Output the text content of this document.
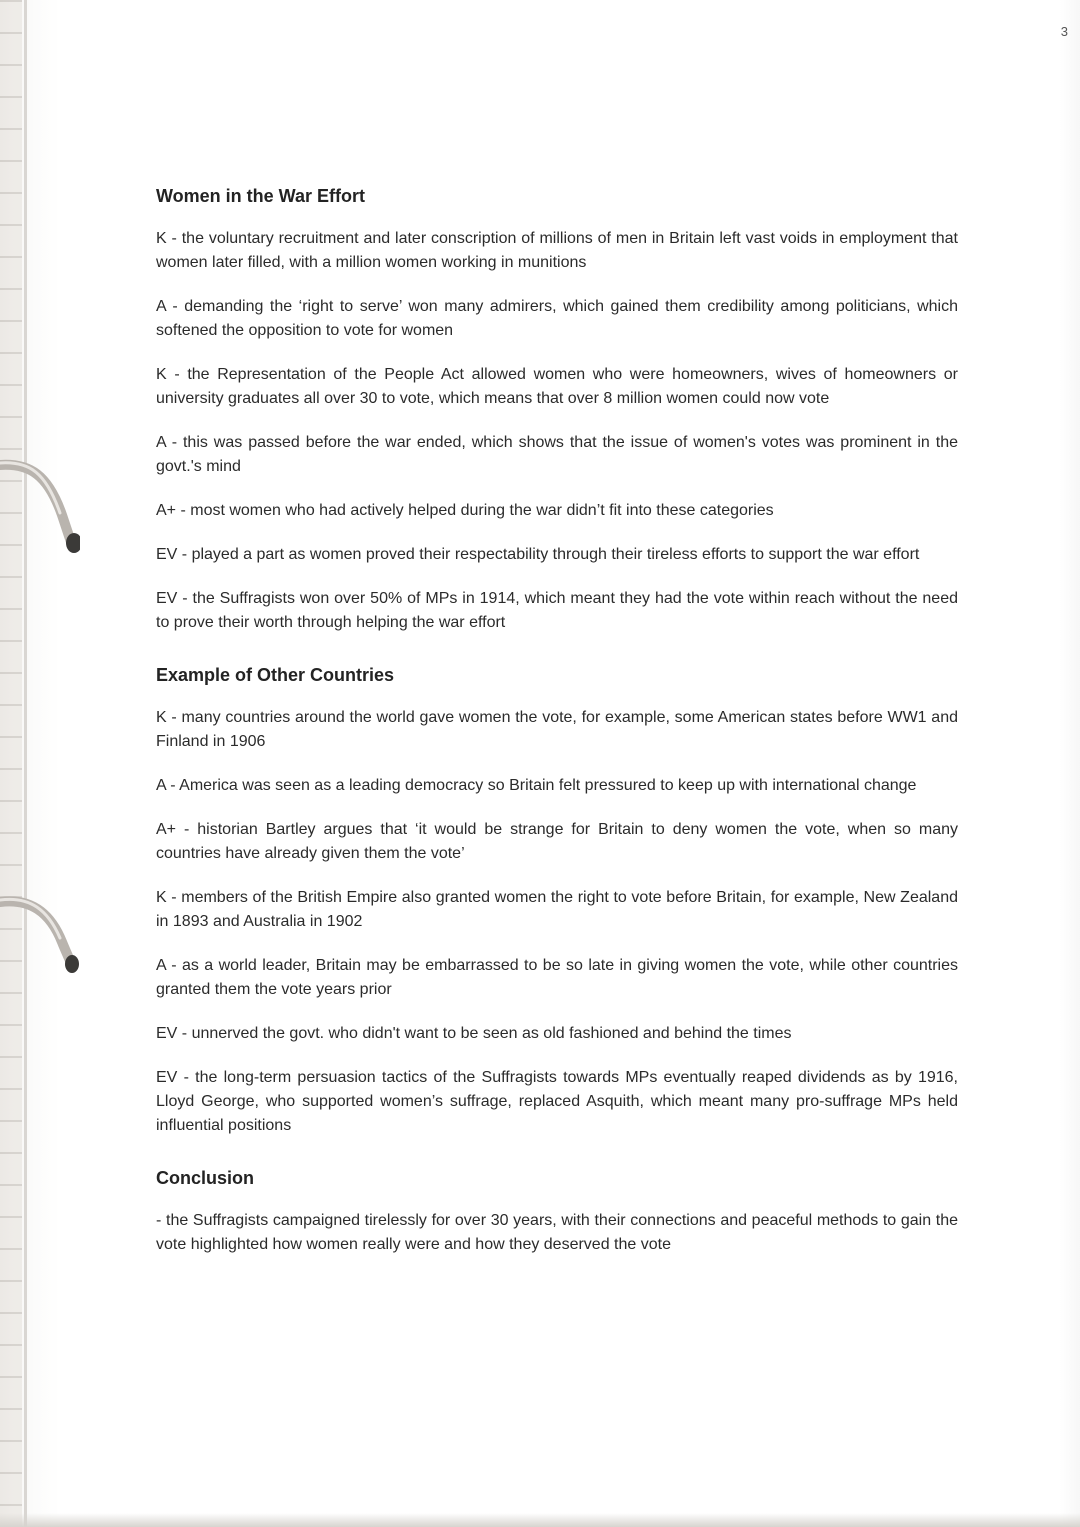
3
Women in the War Effort

K - the voluntary recruitment and later conscription of millions of men in Britain left vast voids in employment that women later filled, with a million women working in munitions

A - demanding the ‘right to serve’ won many admirers, which gained them credibility among politicians, which softened the opposition to vote for women

K - the Representation of the People Act allowed women who were homeowners, wives of homeowners or university graduates all over 30 to vote, which means that over 8 million women could now vote

A - this was passed before the war ended, which shows that the issue of women's votes was prominent in the govt.'s mind

A+ - most women who had actively helped during the war didn’t fit into these categories

EV - played a part as women proved their respectability through their tireless efforts to support the war effort

EV - the Suffragists won over 50% of MPs in 1914, which meant they had the vote within reach without the need to prove their worth through helping the war effort

Example of Other Countries

K - many countries around the world gave women the vote, for example, some American states before WW1 and Finland in 1906

A - America was seen as a leading democracy so Britain felt pressured to keep up with international change

A+ - historian Bartley argues that ‘it would be strange for Britain to deny women the vote, when so many countries have already given them the vote’

K - members of the British Empire also granted women the right to vote before Britain, for example, New Zealand in 1893 and Australia in 1902

A - as a world leader, Britain may be embarrassed to be so late in giving women the vote, while other countries granted them the vote years prior

EV - unnerved the govt. who didn't want to be seen as old fashioned and behind the times

EV - the long-term persuasion tactics of the Suffragists towards MPs eventually reaped dividends as by 1916, Lloyd George, who supported women’s suffrage, replaced Asquith, which meant many pro-suffrage MPs held influential positions

Conclusion

- the Suffragists campaigned tirelessly for over 30 years, with their connections and peaceful methods to gain the vote highlighted how women really were and how they deserved the vote
